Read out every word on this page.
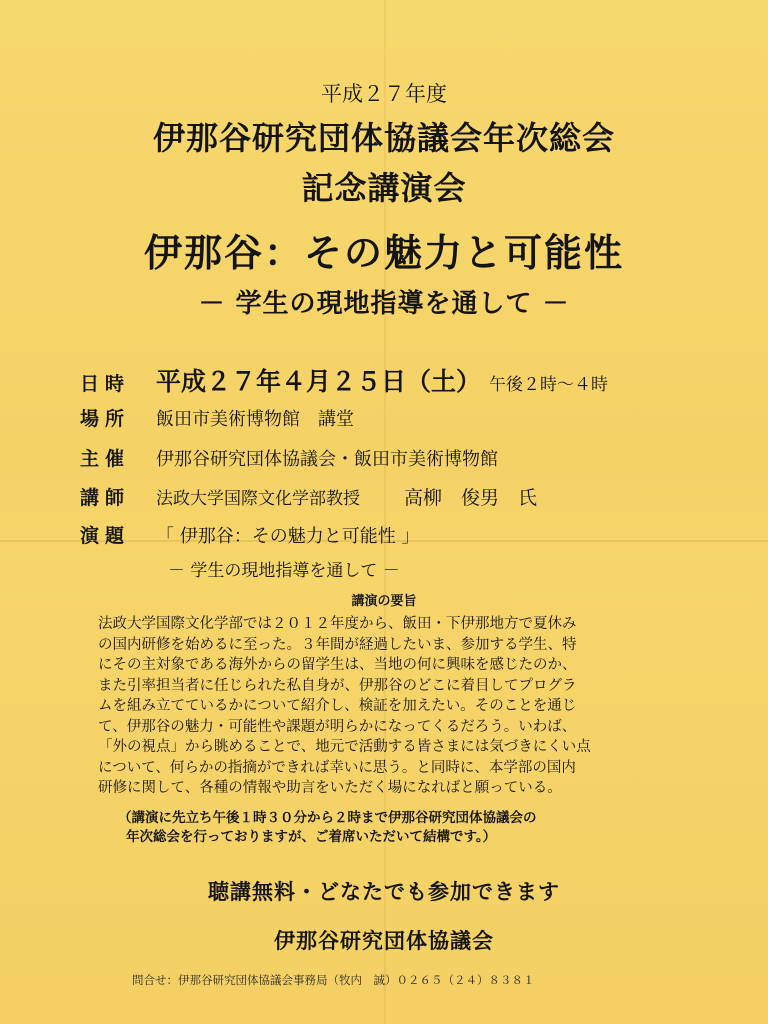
平成２７年度
伊那谷研究団体協議会年次総会
記念講演会
伊那谷：その魅力と可能性
－ 学生の現地指導を通して －
日時 平成２７年４月２５日（土） 午後２時～４時
場所 飯田市美術博物館　講堂
主催 伊那谷研究団体協議会・飯田市美術博物館
講師 法政大学国際文化学部教授 高柳　俊男　氏
演題 「 伊那谷：その魅力と可能性 」
－ 学生の現地指導を通して －
講演の要旨
法政大学国際文化学部では２０１２年度から、飯田・下伊那地方で夏休み
の国内研修を始めるに至った。３年間が経過したいま、参加する学生、特
にその主対象である海外からの留学生は、当地の何に興味を感じたのか、
また引率担当者に任じられた私自身が、伊那谷のどこに着目してプログラ
ムを組み立てているかについて紹介し、検証を加えたい。そのことを通じ
て、伊那谷の魅力・可能性や課題が明らかになってくるだろう。いわば、
「外の視点」から眺めることで、地元で活動する皆さまには気づきにくい点
について、何らかの指摘ができれば幸いに思う。と同時に、本学部の国内
研修に関して、各種の情報や助言をいただく場になればと願っている。
（講演に先立ち午後１時３０分から２時まで伊那谷研究団体協議会の
年次総会を行っておりますが、ご着席いただいて結構です。）
聴講無料・どなたでも参加できます
伊那谷研究団体協議会
問合せ：伊那谷研究団体協議会事務局（牧内　誠）０２６５（２４）８３８１
